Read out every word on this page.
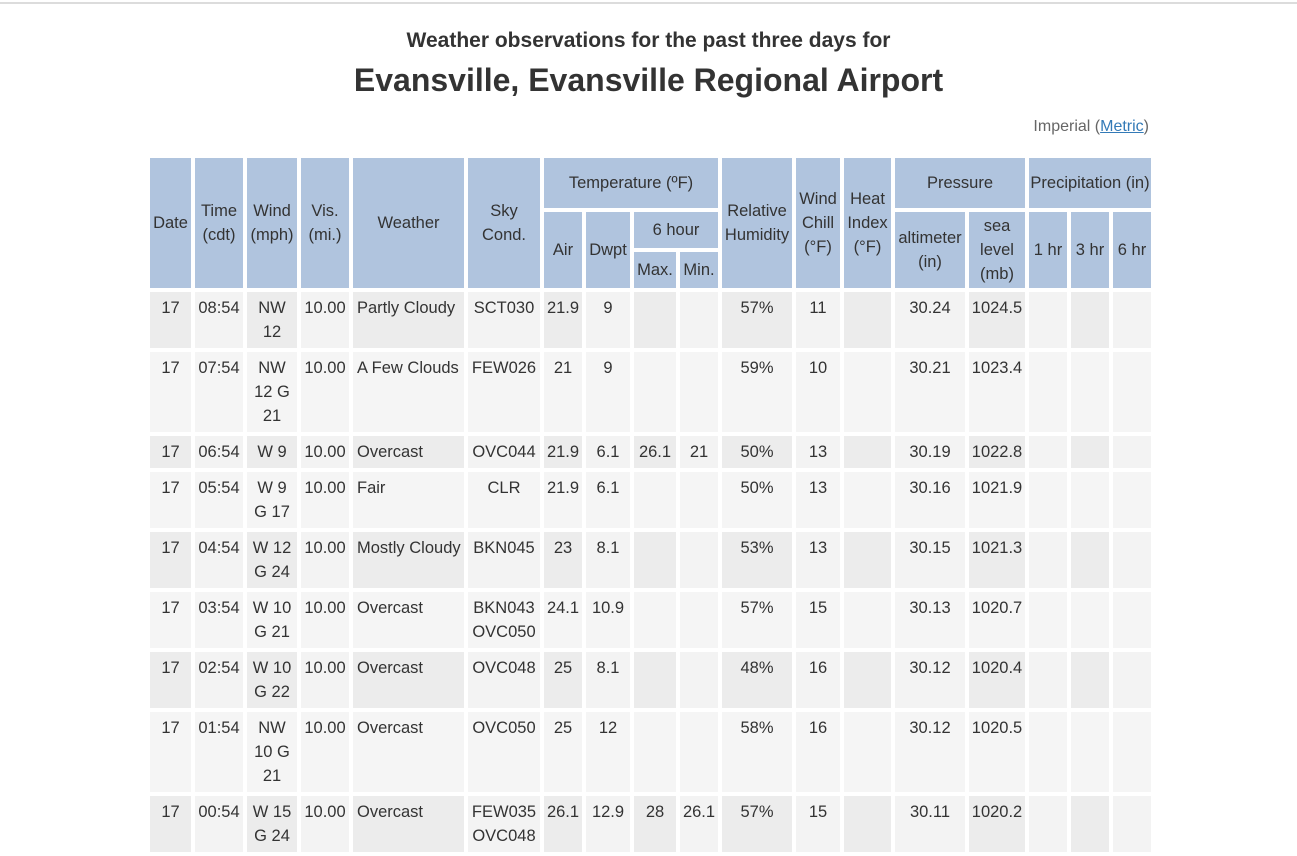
Weather observations for the past three days for
Evansville, Evansville Regional Airport
Imperial (Metric)
Date	Time (cdt)	Wind (mph)	Vis. (mi.)	Weather	Sky Cond.	Temperature (ºF)				Relative Humidity	Wind Chill (°F)	Heat Index (°F)	Pressure		Precipitation (in)		
						Air	Dwpt	6 hour					altimeter (in)	sea level (mb)	1 hr	3 hr	6 hr
								Max.	Min.								
17	08:54	NW 12	10.00	Partly Cloudy	SCT030	21.9	9			57%	11		30.24	1024.5			
17	07:54	NW 12 G 21	10.00	A Few Clouds	FEW026	21	9			59%	10		30.21	1023.4			
17	06:54	W 9	10.00	Overcast	OVC044	21.9	6.1	26.1	21	50%	13		30.19	1022.8			
17	05:54	W 9 G 17	10.00	Fair	CLR	21.9	6.1			50%	13		30.16	1021.9			
17	04:54	W 12 G 24	10.00	Mostly Cloudy	BKN045	23	8.1			53%	13		30.15	1021.3			
17	03:54	W 10 G 21	10.00	Overcast	BKN043 OVC050	24.1	10.9			57%	15		30.13	1020.7			
17	02:54	W 10 G 22	10.00	Overcast	OVC048	25	8.1			48%	16		30.12	1020.4			
17	01:54	NW 10 G 21	10.00	Overcast	OVC050	25	12			58%	16		30.12	1020.5			
17	00:54	W 15 G 24	10.00	Overcast	FEW035 OVC048	26.1	12.9	28	26.1	57%	15		30.11	1020.2			
